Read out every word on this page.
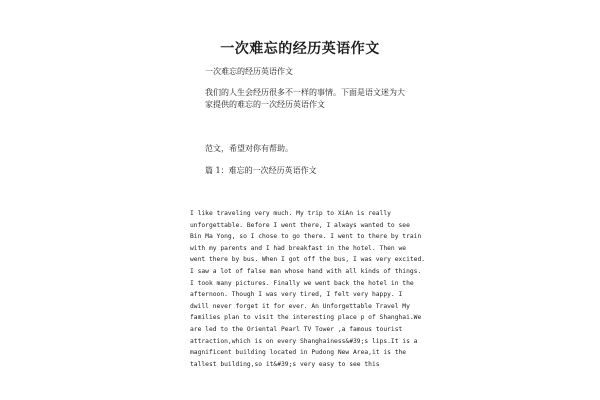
一次难忘的经历英语作文
一次难忘的经历英语作文
我们的人生会经历很多不一样的事情。下面是语文迷为大家提供的难忘的一次经历英语作文
范文，希望对你有帮助。
篇 1：难忘的一次经历英语作文
I like traveling very much. My trip to XiAn is really
unforgettable. Before I went there, I always wanted to see
Bin Ma Yong, so I chose to go there. I went to there by train
with my parents and I had breakfast in the hotel. Then we
went there by bus. When I got off the bus, I was very excited.
I saw a lot of false man whose hand with all kinds of things.
I took many pictures. Finally we went back the hotel in the
afternoon. Though I was very tired, I felt very happy. I
dwill never forget it for ever. An Unforgettable Travel My
families plan to visit the interesting place p of Shanghai.We
are led to the Oriental Pearl TV Tower ,a famous tourist
attraction,which is on every Shanghainess&#39;s lips.It is a
magnificent building located in Pudong New Area,it is the
tallest building,so it&#39;s very easy to see this
